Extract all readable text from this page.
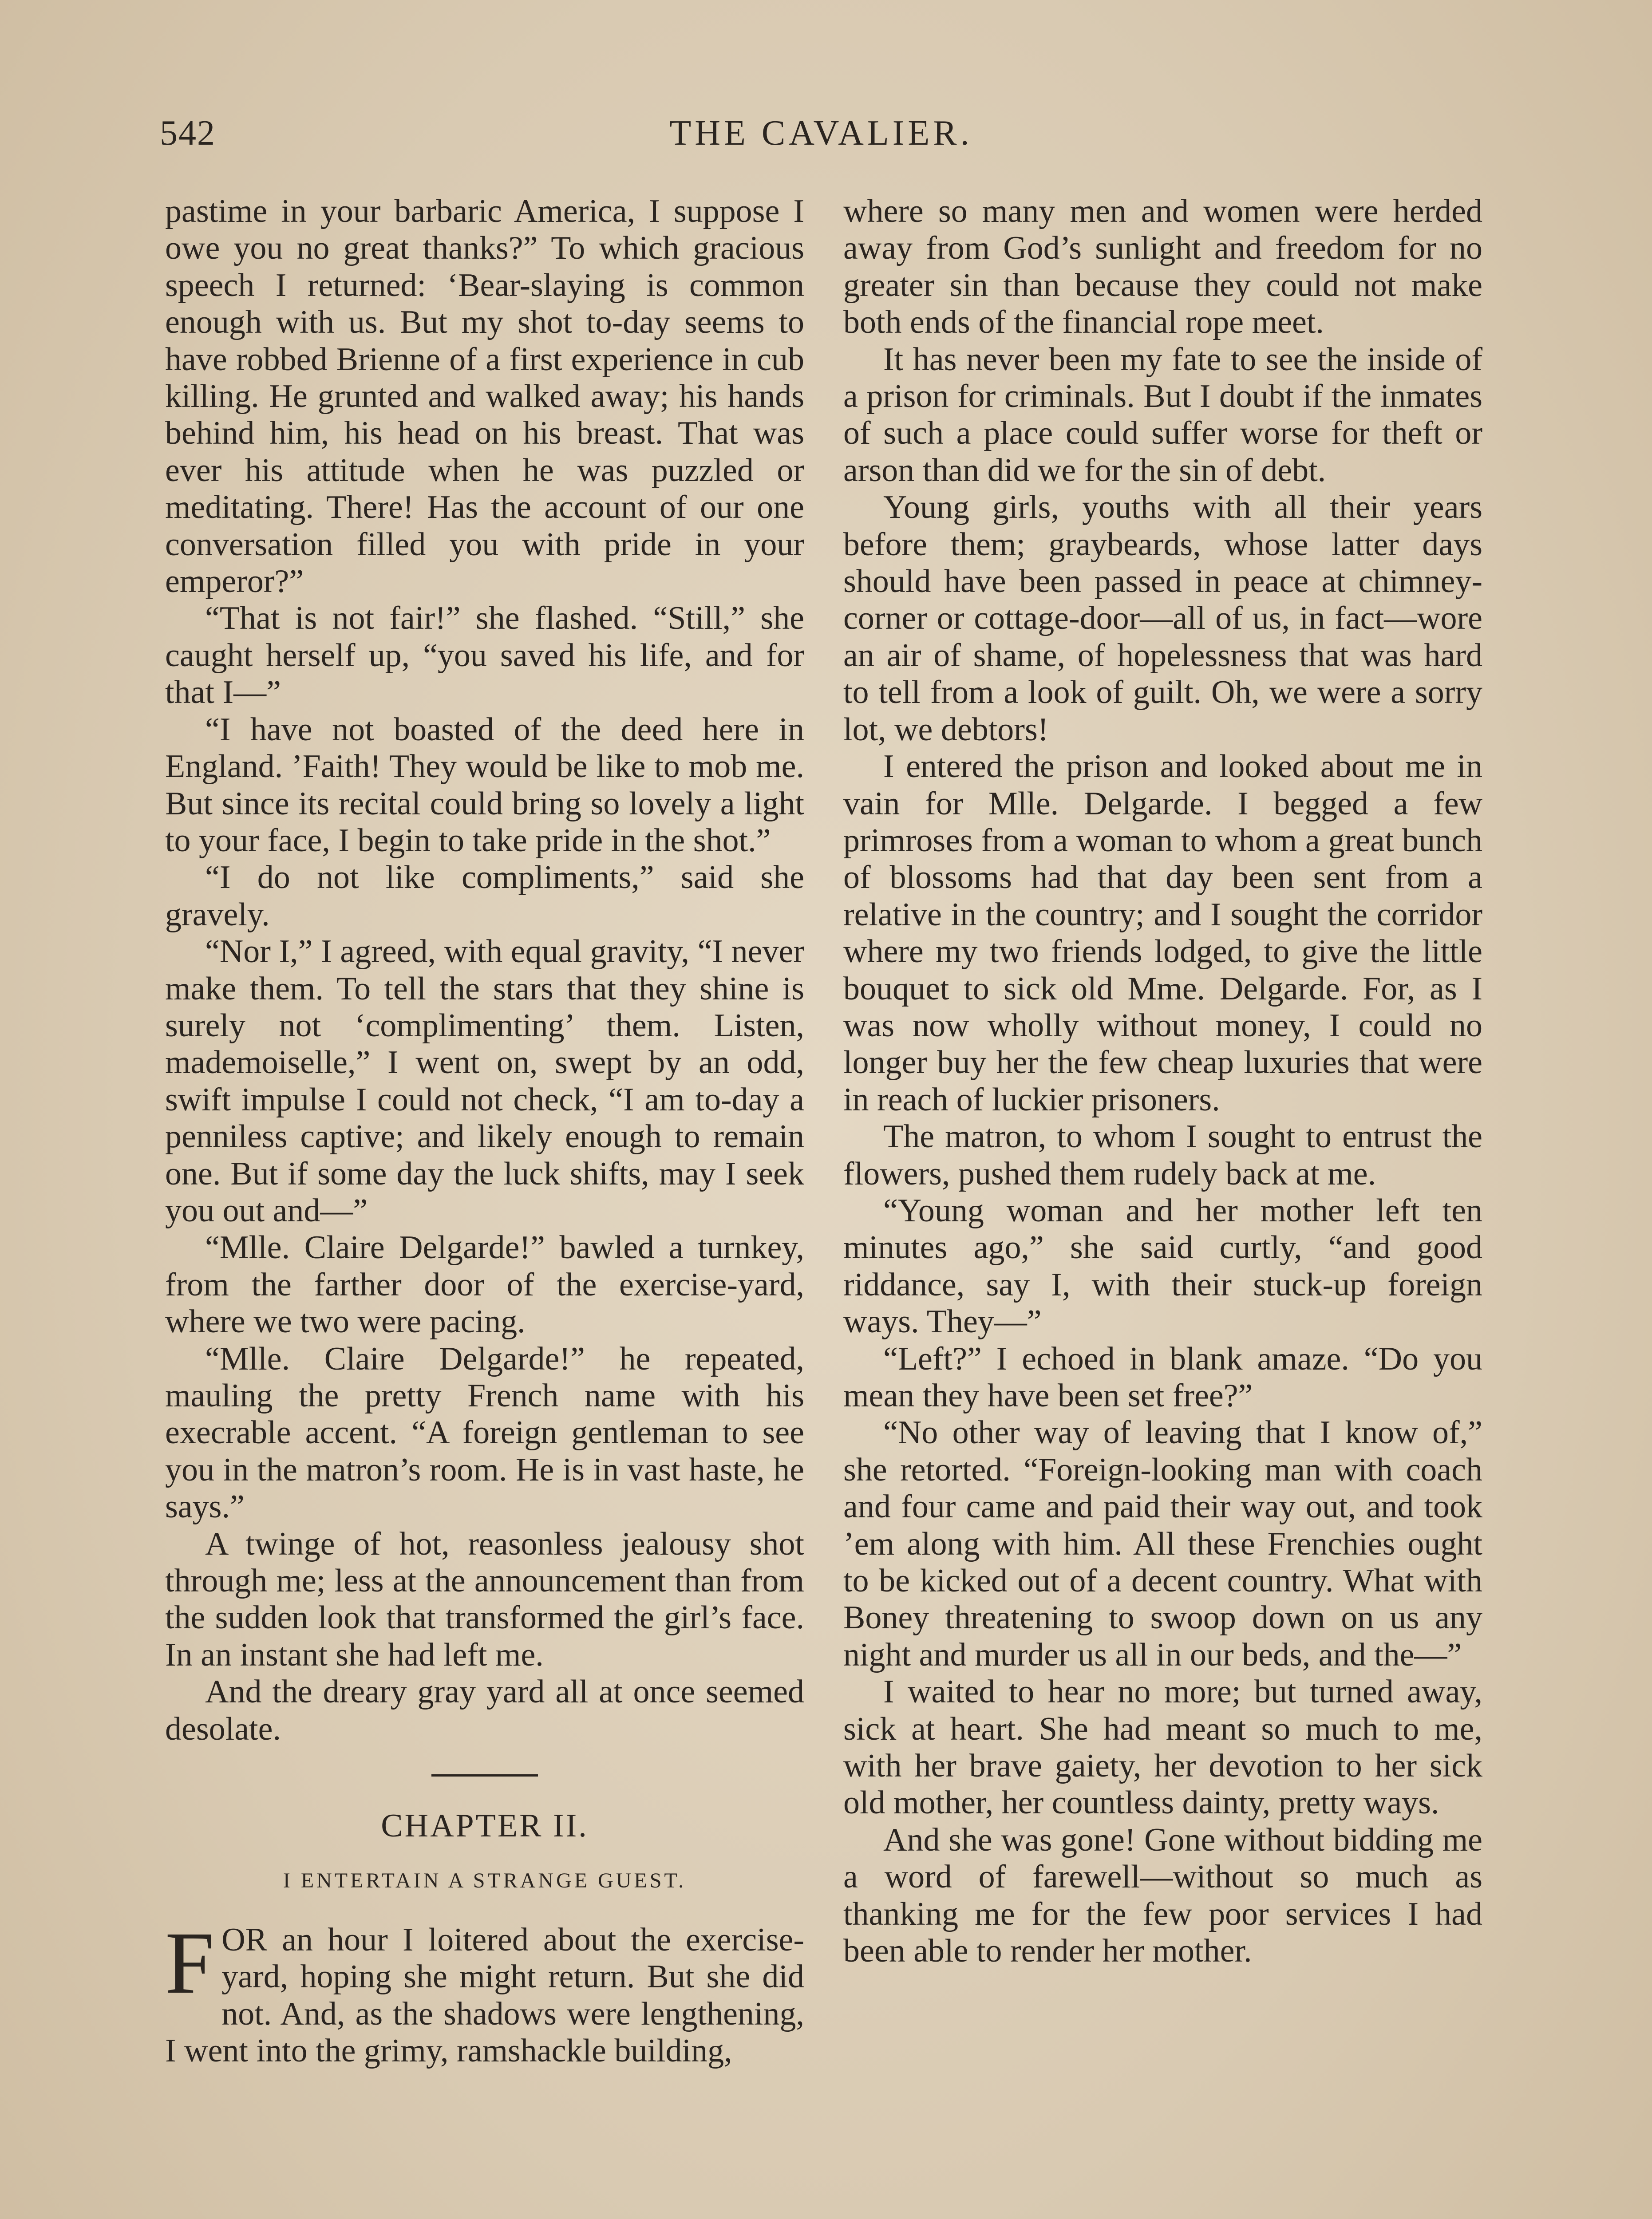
542	THE CAVALIER.

pastime in your barbaric America, I suppose I owe you no great thanks?” To which gracious speech I returned: ‘Bear-slaying is common enough with us. But my shot to-day seems to have robbed Brienne of a first experience in cub killing. He grunted and walked away; his hands behind him, his head on his breast. That was ever his attitude when he was puzzled or meditating. There! Has the account of our one conversation filled you with pride in your emperor?”

“That is not fair!” she flashed. “Still,” she caught herself up, “you saved his life, and for that I—”

“I have not boasted of the deed here in England. ’Faith! They would be like to mob me. But since its recital could bring so lovely a light to your face, I begin to take pride in the shot.”

“I do not like compliments,” said she gravely.

“Nor I,” I agreed, with equal gravity, “I never make them. To tell the stars that they shine is surely not ‘complimenting’ them. Listen, mademoiselle,” I went on, swept by an odd, swift impulse I could not check, “I am to-day a penniless captive; and likely enough to remain one. But if some day the luck shifts, may I seek you out and—”

“Mlle. Claire Delgarde!” bawled a turnkey, from the farther door of the exercise-yard, where we two were pacing.

“Mlle. Claire Delgarde!” he repeated, mauling the pretty French name with his execrable accent. “A foreign gentleman to see you in the matron’s room. He is in vast haste, he says.”

A twinge of hot, reasonless jealousy shot through me; less at the announcement than from the sudden look that transformed the girl’s face. In an instant she had left me.

And the dreary gray yard all at once seemed desolate.

CHAPTER II.
I ENTERTAIN A STRANGE GUEST.

F OR an hour I loitered about the exercise-yard, hoping she might return. But she did not. And, as the shadows were lengthening, I went into the grimy, ramshackle building,

where so many men and women were herded away from God’s sunlight and freedom for no greater sin than because they could not make both ends of the financial rope meet.

It has never been my fate to see the inside of a prison for criminals. But I doubt if the inmates of such a place could suffer worse for theft or arson than did we for the sin of debt.

Young girls, youths with all their years before them; graybeards, whose latter days should have been passed in peace at chimney-corner or cottage-door—all of us, in fact—wore an air of shame, of hopelessness that was hard to tell from a look of guilt. Oh, we were a sorry lot, we debtors!

I entered the prison and looked about me in vain for Mlle. Delgarde. I begged a few primroses from a woman to whom a great bunch of blossoms had that day been sent from a relative in the country; and I sought the corridor where my two friends lodged, to give the little bouquet to sick old Mme. Delgarde. For, as I was now wholly without money, I could no longer buy her the few cheap luxuries that were in reach of luckier prisoners.

The matron, to whom I sought to entrust the flowers, pushed them rudely back at me.

“Young woman and her mother left ten minutes ago,” she said curtly, “and good riddance, say I, with their stuck-up foreign ways. They—”

“Left?” I echoed in blank amaze. “Do you mean they have been set free?”

“No other way of leaving that I know of,” she retorted. “Foreign-looking man with coach and four came and paid their way out, and took ’em along with him. All these Frenchies ought to be kicked out of a decent country. What with Boney threatening to swoop down on us any night and murder us all in our beds, and the—”

I waited to hear no more; but turned away, sick at heart. She had meant so much to me, with her brave gaiety, her devotion to her sick old mother, her countless dainty, pretty ways.

And she was gone! Gone without bidding me a word of farewell—without so much as thanking me for the few poor services I had been able to render her mother.
